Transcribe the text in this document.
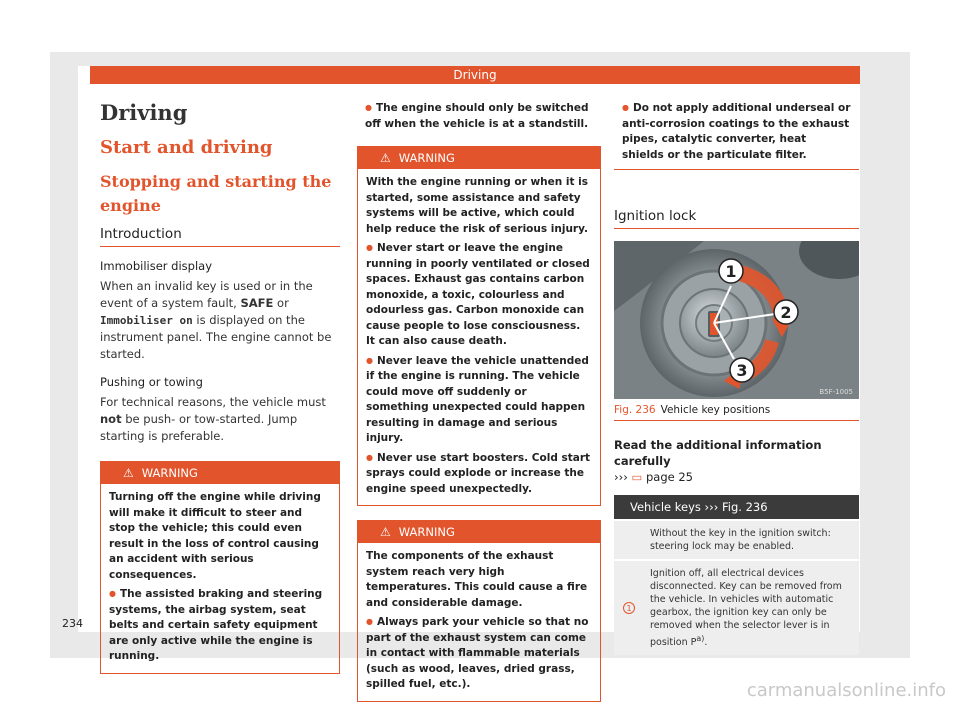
Driving
Driving
Start and driving
Stopping and starting the engine
Introduction
Immobiliser display
When an invalid key is used or in the event of a system fault, SAFE or Immobiliser on is displayed on the instrument panel. The engine cannot be started.
Pushing or towing
For technical reasons, the vehicle must not be push- or tow-started. Jump starting is preferable.
⚠ WARNING
Turning off the engine while driving will make it difficult to steer and stop the vehicle; this could even result in the loss of control causing an accident with serious consequences.
● The assisted braking and steering systems, the airbag system, seat belts and certain safety equipment are only active while the engine is running.
● The engine should only be switched off when the vehicle is at a standstill.
⚠ WARNING
With the engine running or when it is started, some assistance and safety systems will be active, which could help reduce the risk of serious injury.
● Never start or leave the engine running in poorly ventilated or closed spaces. Exhaust gas contains carbon monoxide, a toxic, colourless and odourless gas. Carbon monoxide can cause people to lose consciousness. It can also cause death.
● Never leave the vehicle unattended if the engine is running. The vehicle could move off suddenly or something unexpected could happen resulting in damage and serious injury.
● Never use start boosters. Cold start sprays could explode or increase the engine speed unexpectedly.
⚠ WARNING
The components of the exhaust system reach very high temperatures. This could cause a fire and considerable damage.
● Always park your vehicle so that no part of the exhaust system can come in contact with flammable materials (such as wood, leaves, dried grass, spilled fuel, etc.).
● Do not apply additional underseal or anti-corrosion coatings to the exhaust pipes, catalytic converter, heat shields or the particulate filter.
Ignition lock
1
2
3
B5F-1005
Fig. 236 Vehicle key positions
Read the additional information carefully
››› ▭ page 25
Vehicle keys ››› Fig. 236
Without the key in the ignition switch: steering lock may be enabled.
1
Ignition off, all electrical devices disconnected. Key can be removed from the vehicle. In vehicles with automatic gearbox, the ignition key can only be removed when the selector lever is in position $P^{a)}$.
234
carmanualsonline.info
